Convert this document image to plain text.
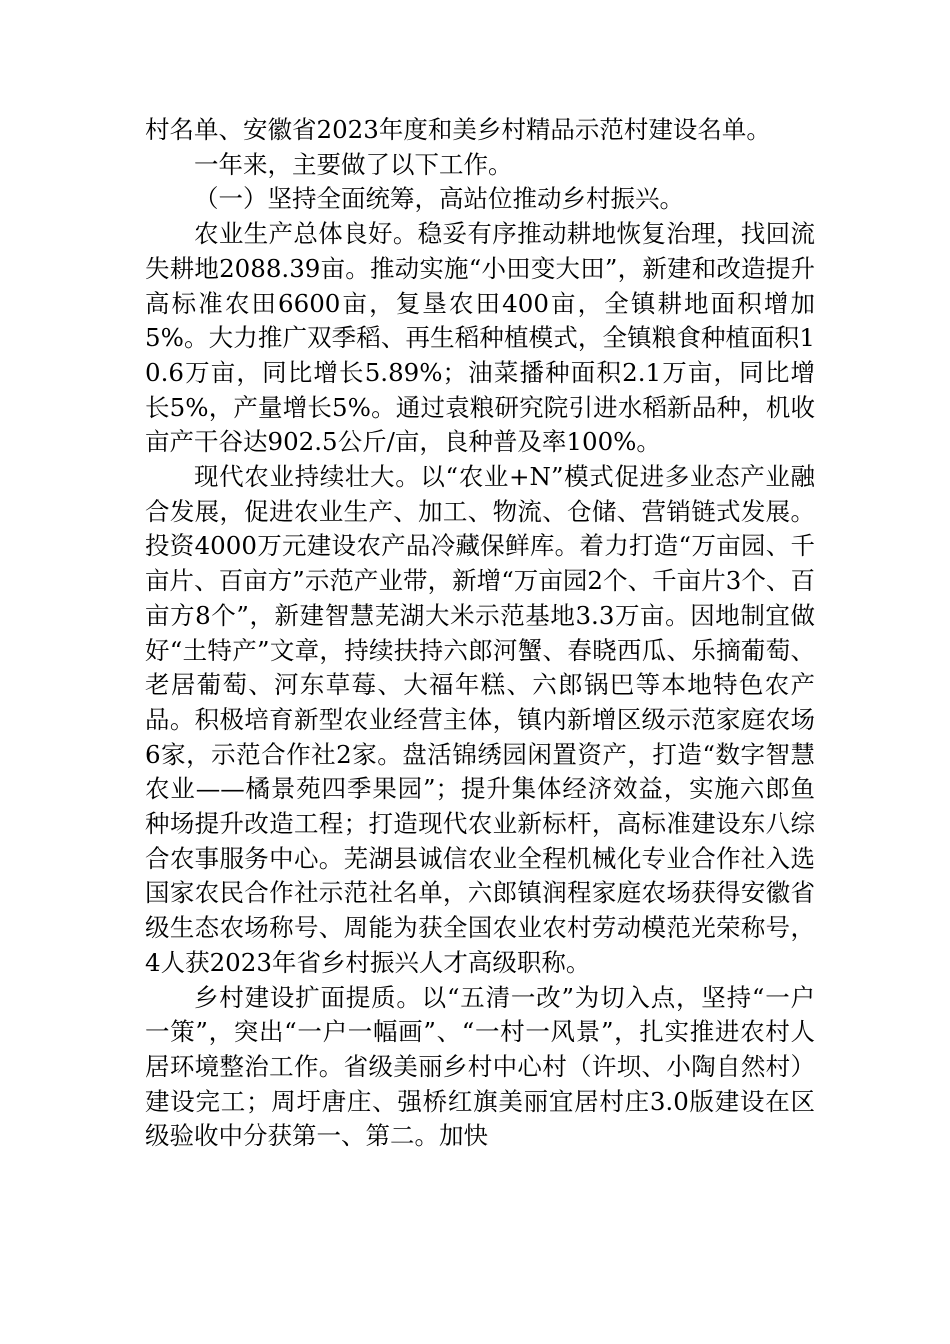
村名单、安徽省2023年度和美乡村精品示范村建设名单。

一年来，主要做了以下工作。

（一）坚持全面统筹，高站位推动乡村振兴。

农业生产总体良好。稳妥有序推动耕地恢复治理，找回流失耕地2088.39亩。推动实施“小田变大田”，新建和改造提升高标准农田6600亩，复垦农田400亩，全镇耕地面积增加5%。大力推广双季稻、再生稻种植模式，全镇粮食种植面积10.6万亩，同比增长5.89%；油菜播种面积2.1万亩，同比增长5%，产量增长5%。通过袁粮研究院引进水稻新品种，机收亩产干谷达902.5公斤/亩，良种普及率100%。

现代农业持续壮大。以“农业+N”模式促进多业态产业融合发展，促进农业生产、加工、物流、仓储、营销链式发展。投资4000万元建设农产品冷藏保鲜库。着力打造“万亩园、千亩片、百亩方”示范产业带，新增“万亩园2个、千亩片3个、百亩方8个”，新建智慧芜湖大米示范基地3.3万亩。因地制宜做好“土特产”文章，持续扶持六郎河蟹、春晓西瓜、乐摘葡萄、老居葡萄、河东草莓、大福年糕、六郎锅巴等本地特色农产品。积极培育新型农业经营主体，镇内新增区级示范家庭农场6家，示范合作社2家。盘活锦绣园闲置资产，打造“数字智慧农业——橘景苑四季果园”；提升集体经济效益，实施六郎鱼种场提升改造工程；打造现代农业新标杆，高标准建设东八综合农事服务中心。芜湖县诚信农业全程机械化专业合作社入选国家农民合作社示范社名单，六郎镇润程家庭农场获得安徽省级生态农场称号、周能为获全国农业农村劳动模范光荣称号，4人获2023年省乡村振兴人才高级职称。

乡村建设扩面提质。以“五清一改”为切入点，坚持“一户一策”，突出“一户一幅画”、“一村一风景”，扎实推进农村人居环境整治工作。省级美丽乡村中心村（许坝、小陶自然村）建设完工；周圩唐庄、强桥红旗美丽宜居村庄3.0版建设在区级验收中分获第一、第二。加快
